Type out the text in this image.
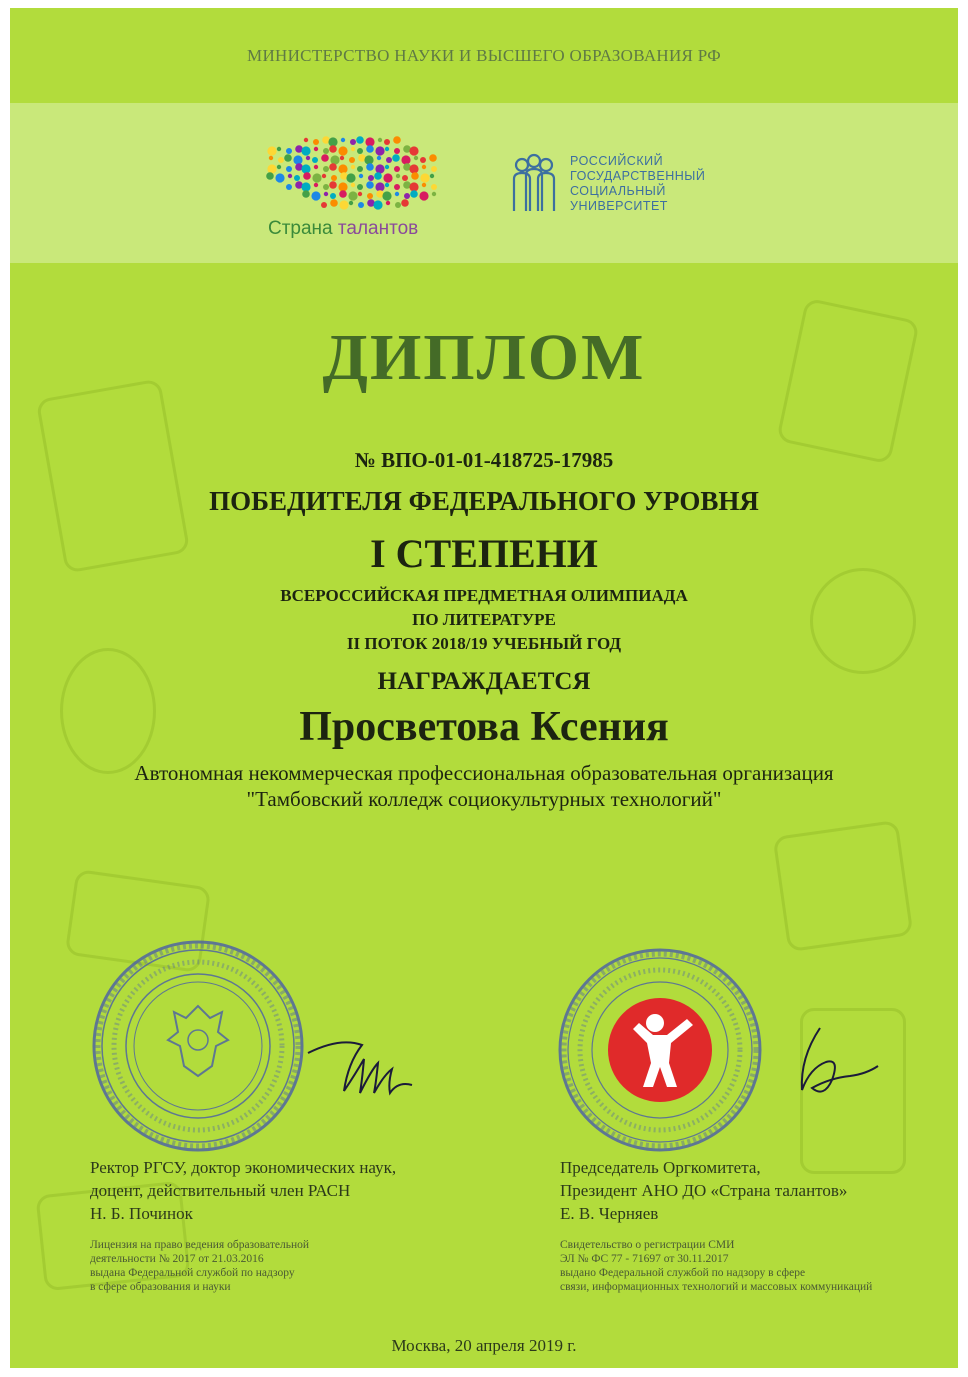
МИНИСТЕРСТВО НАУКИ И ВЫСШЕГО ОБРАЗОВАНИЯ РФ
Страна талантов
РОССИЙСКИЙ
ГОСУДАРСТВЕННЫЙ
СОЦИАЛЬНЫЙ
УНИВЕРСИТЕТ
ДИПЛОМ
№ ВПО-01-01-418725-17985
ПОБЕДИТЕЛЯ ФЕДЕРАЛЬНОГО УРОВНЯ
I СТЕПЕНИ
ВСЕРОССИЙСКАЯ ПРЕДМЕТНАЯ ОЛИМПИАДА
ПО ЛИТЕРАТУРЕ
II ПОТОК 2018/19 УЧЕБНЫЙ ГОД
НАГРАЖДАЕТСЯ
Просветова Ксения
Автономная некоммерческая профессиональная образовательная организация
"Тамбовский колледж социокультурных технологий"
Ректор РГСУ, доктор экономических наук,
доцент, действительный член РАСН
Н. Б. Починок
Председатель Оргкомитета,
Президент АНО ДО «Страна талантов»
Е. В. Черняев
Лицензия на право ведения образовательной
деятельности № 2017 от 21.03.2016
выдана Федеральной службой по надзору
в сфере образования и науки
Свидетельство о регистрации СМИ
ЭЛ № ФС 77 - 71697 от 30.11.2017
выдано Федеральной службой по надзору в сфере
связи, информационных технологий и массовых коммуникаций
Москва, 20 апреля 2019 г.
